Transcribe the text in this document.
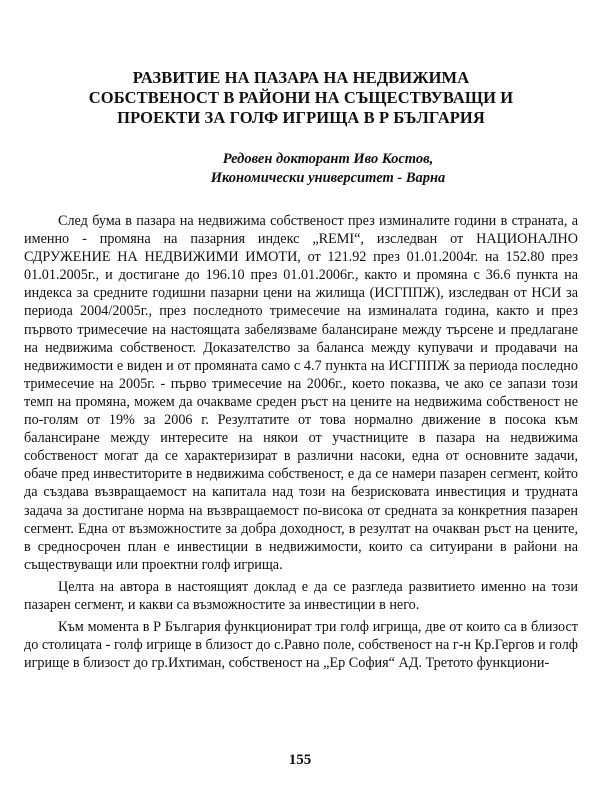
РАЗВИТИЕ НА ПАЗАРА НА НЕДВИЖИМА
СОБСТВЕНОСТ В РАЙОНИ НА СЪЩЕСТВУВАЩИ И
ПРОЕКТИ ЗА ГОЛФ ИГРИЩА В Р БЪЛГАРИЯ
Редовен докторант Иво Костов,
Икономически университет - Варна

След бума в пазара на недвижима собственост през изминалите години в страната, а именно - промяна на пазарния индекс „REMI“, изследван от НАЦИОНАЛНО СДРУЖЕНИЕ НА НЕДВИЖИМИ ИМОТИ, от 121.92 през 01.01.2004г. на 152.80 през 01.01.2005г., и достигане до 196.10 през 01.01.2006г., както и промяна с 36.6 пункта на индекса за средните годишни пазарни цени на жилища (ИСГППЖ), изследван от НСИ за периода 2004/2005г., през последното тримесечие на изминалата година, както и през първото тримесечие на настоящата забелязваме балансиране между търсене и предлагане на недвижима собственост. Доказателство за баланса между купувачи и продавачи на недвижимости е виден и от промяната само с 4.7 пункта на ИСГППЖ за периода последно тримесечие на 2005г. - първо тримесечие на 2006г., което показва, че ако се запази този темп на промяна, можем да очакваме среден ръст на цените на недвижима собственост не по-голям от 19% за 2006 г. Резултатите от това нормално движение в посока към балансиране между интересите на някои от участниците в пазара на недвижима собственост могат да се характеризират в различни насоки, една от основните задачи, обаче пред инвеститорите в недвижима собственост, е да се намери пазарен сегмент, който да създава възвращаемост на капитала над този на безрисковата инвестиция и трудната задача за достигане норма на възвращаемост по-висока от средната за конкретния пазарен сегмент. Една от възможностите за добра доходност, в резултат на очакван ръст на цените, в средносрочен план е инвестиции в недвижимости, които са ситуирани в райони на съществуващи или проектни голф игрища.

Целта на автора в настоящият доклад е да се разгледа развитието именно на този пазарен сегмент, и какви са възможностите за инвестиции в него.

Към момента в Р България функционират три голф игрища, две от които са в близост до столицата - голф игрище в близост до с.Равно поле, собственост на г-н Кр.Гергов и голф игрище в близост до гр.Ихтиман, собственост на „Ер София“ АД. Третото функциони-

155
